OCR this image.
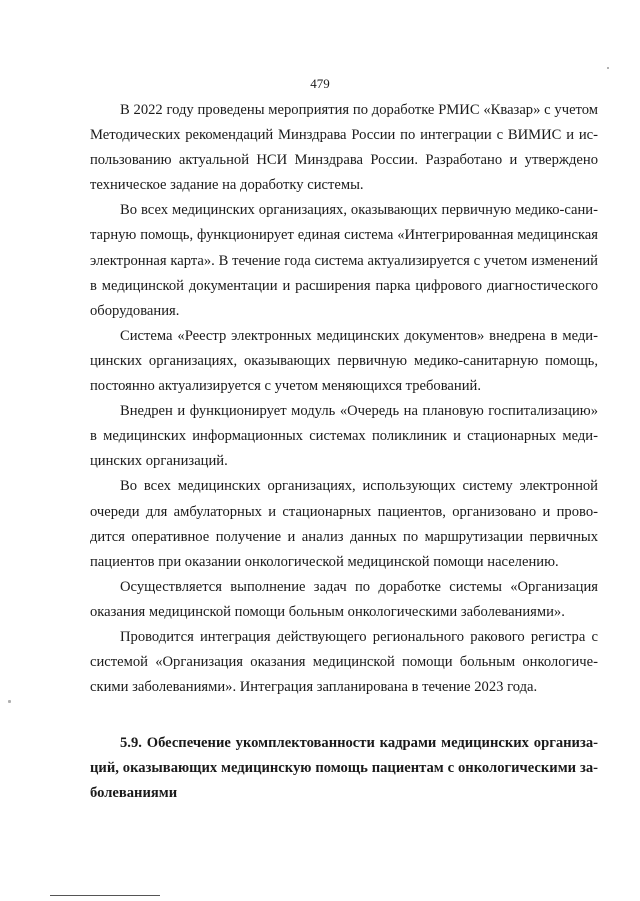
479

В 2022 году проведены мероприятия по доработке РМИС «Квазар» с учетом Методических рекомендаций Минздрава России по интеграции с ВИМИС и использованию актуальной НСИ Минздрава России. Разработано и утверждено техническое задание на доработку системы.

Во всех медицинских организациях, оказывающих первичную медико-санитарную помощь, функционирует единая система «Интегрированная медицинская электронная карта». В течение года система актуализируется с учетом изменений в медицинской документации и расширения парка цифрового диагностического оборудования.

Система «Реестр электронных медицинских документов» внедрена в медицинских организациях, оказывающих первичную медико-санитарную помощь, постоянно актуализируется с учетом меняющихся требований.

Внедрен и функционирует модуль «Очередь на плановую госпитализацию» в медицинских информационных системах поликлиник и стационарных медицинских организаций.

Во всех медицинских организациях, использующих систему электронной очереди для амбулаторных и стационарных пациентов, организовано и проводится оперативное получение и анализ данных по маршрутизации первичных пациентов при оказании онкологической медицинской помощи населению.

Осуществляется выполнение задач по доработке системы «Организация оказания медицинской помощи больным онкологическими заболеваниями».

Проводится интеграция действующего регионального ракового регистра с системой «Организация оказания медицинской помощи больным онкологическими заболеваниями». Интеграция запланирована в течение 2023 года.

5.9. Обеспечение укомплектованности кадрами медицинских организаций, оказывающих медицинскую помощь пациентам с онкологическими заболеваниями
